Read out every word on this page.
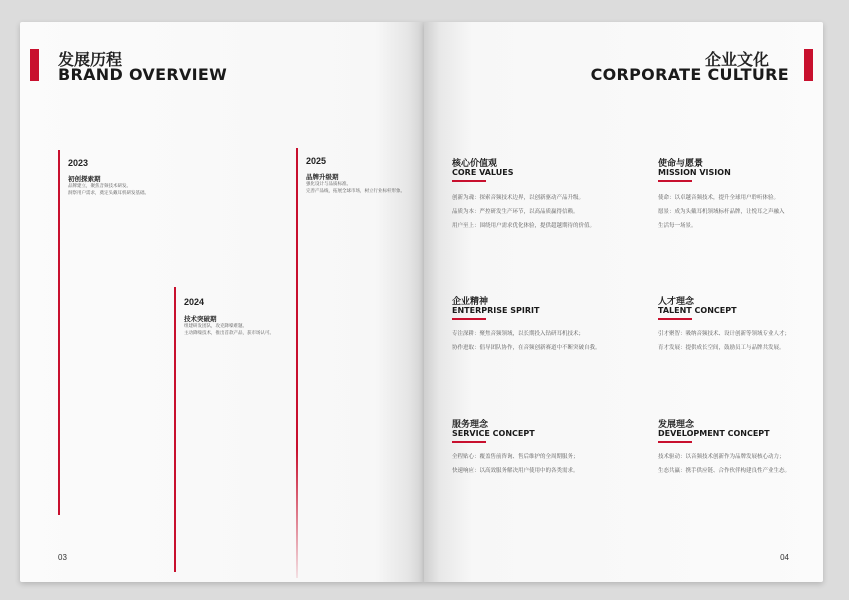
发展历程
BRAND OVERVIEW
2023
初创探索期
品牌建立，聚焦音频技术研发。
洞察用户需求，奠定头戴耳机研发基础。
2024
技术突破期
组建研发团队，攻克降噪难题。
主动降噪技术，推出首款产品，获市场认可。
2025
品牌升级期
强化设计与品质标准。
完善产品线，拓展全球市场，树立行业标杆形象。
03
企业文化
CORPORATE CULTURE
核心价值观
CORE VALUES
创新为魂：探索音频技术边界，以创新驱动产品升级。
品质为本：严控研发生产环节，以高品质赢得信赖。
用户至上：围绕用户需求优化体验，提供超越期待的价值。
使命与愿景
MISSION VISION
使命：以卓越音频技术，提升全球用户聆听体验。
愿景：成为头戴耳机领域标杆品牌，让悦耳之声融入
生活每一场景。
企业精神
ENTERPRISE SPIRIT
专注深耕：聚焦音频领域，以长期投入钻研耳机技术；
协作进取：倡导团队协作，在音频创新赛道中不断突破自我。
人才理念
TALENT CONCEPT
引才聚智：吸纳音频技术、设计创新等领域专业人才；
育才发展：提供成长空间，鼓励员工与品牌共发展。
服务理念
SERVICE CONCEPT
全程贴心：覆盖售前咨询、售后维护的全周期服务；
快速响应：以高效服务解决用户使用中的各类需求。
发展理念
DEVELOPMENT CONCEPT
技术驱动：以音频技术创新作为品牌发展核心动力；
生态共赢：携手供应链、合作伙伴构建良性产业生态。
04
